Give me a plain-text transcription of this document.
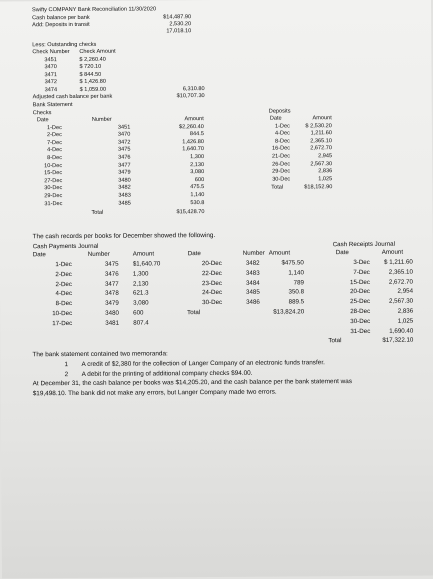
Swifty COMPANY Bank Reconciliation 11/30/2020
Cash balance per bank	$14,487.90
Add: Deposits in transit	2,530.20
17,018.10
Less: Outstanding checks
Check Number Check Amount
3451	$ 2,260.40
3470	$ 720.10
3471	$ 844.50
3472	$ 1,426.80
3474	$ 1,059.00	6,310.80
Adjusted cash balance per bank	$10,707.30
Bank Statement
Checks
Date	Number	Amount
1-Dec	3451	$2,260.40
2-Dec	3470	844.5
7-Dec	3472	1,426.80
4-Dec	3475	1,640.70
8-Dec	3476	1,300
10-Dec	3477	2,130
15-Dec	3479	3,080
27-Dec	3480	600
30-Dec	3482	475.5
29-Dec	3483	1,140
31-Dec	3485	530.8
Total	$15,428.70
Deposits
Date	Amount
1-Dec	$ 2,530.20
4-Dec	1,211.60
8-Dec	2,365.10
16-Dec	2,672.70
21-Dec	2,945
26-Dec	2,567.30
29-Dec	2,836
30-Dec	1,025
Total	$18,152.90
The cash records per books for December showed the following.
Cash Payments Journal
Date	Number	Amount
1-Dec	3475 $1,640.70
2-Dec	3476 1,300
2-Dec	3477 2,130
4-Dec	3478 621.3
8-Dec	3479 3,080
10-Dec	3480 600
17-Dec	3481 807.4
Date	Number Amount
20-Dec	3482	$475.50
22-Dec	3483	1,140
23-Dec	3484	789
24-Dec	3485	350.8
30-Dec	3486	889.5
Total	$13,824.20
Cash Receipts Journal
Date	Amount
3-Dec	$ 1,211.60
7-Dec	2,365.10
15-Dec	2,672.70
20-Dec	2,954
25-Dec	2,567.30
28-Dec	2,836
30-Dec	1,025
31-Dec	1,690.40
Total	$17,322.10
The bank statement contained two memoranda:
1 A credit of $2,380 for the collection of Langer Company of an electronic funds transfer.
2 A debit for the printing of additional company checks $94.00.
At December 31, the cash balance per books was $14,205.20, and the cash balance per the bank statement was
$19,498.10. The bank did not make any errors, but Langer Company made two errors.
